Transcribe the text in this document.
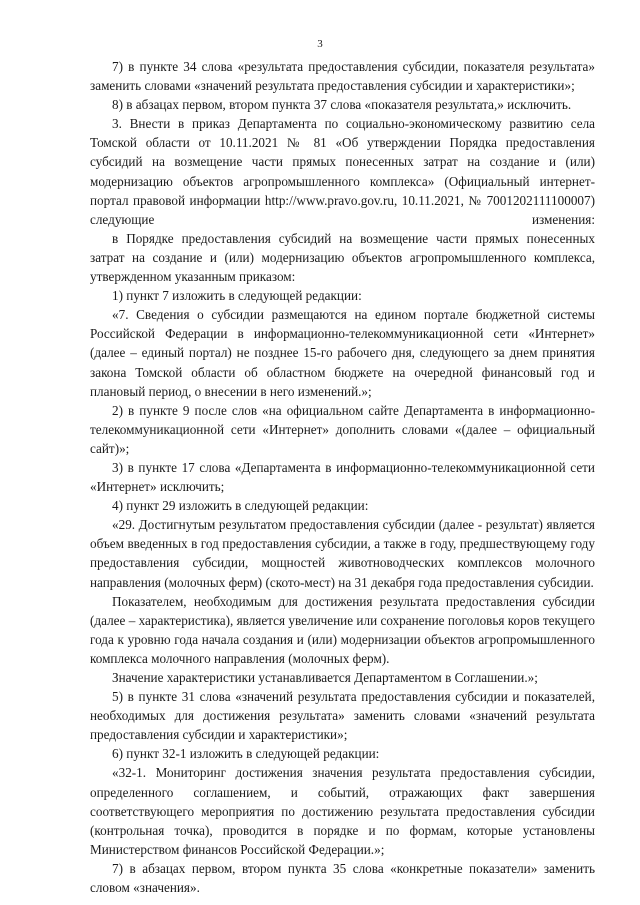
3

7) в пункте 34 слова «результата предоставления субсидии, показателя результата» заменить словами «значений результата предоставления субсидии и характеристики»;

8) в абзацах первом, втором пункта 37 слова «показателя результата,» исключить.

3. Внести в приказ Департамента по социально-экономическому развитию села Томской области от 10.11.2021 № 81 «Об утверждении Порядка предоставления субсидий на возмещение части прямых понесенных затрат на создание и (или) модернизацию объектов агропромышленного комплекса» (Официальный интернет-портал правовой информации http://www.pravo.gov.ru, 10.11.2021, № 7001202111100007) следующие изменения:

в Порядке предоставления субсидий на возмещение части прямых понесенных затрат на создание и (или) модернизацию объектов агропромышленного комплекса, утвержденном указанным приказом:

1) пункт 7 изложить в следующей редакции:

«7. Сведения о субсидии размещаются на едином портале бюджетной системы Российской Федерации в информационно-телекоммуникационной сети «Интернет» (далее – единый портал) не позднее 15-го рабочего дня, следующего за днем принятия закона Томской области об областном бюджете на очередной финансовый год и плановый период, о внесении в него изменений.»;

2) в пункте 9 после слов «на официальном сайте Департамента в информационно-телекоммуникационной сети «Интернет» дополнить словами «(далее – официальный сайт)»;

3) в пункте 17 слова «Департамента в информационно-телекоммуникационной сети «Интернет» исключить;

4) пункт 29 изложить в следующей редакции:

«29. Достигнутым результатом предоставления субсидии (далее - результат) является объем введенных в год предоставления субсидии, а также в году, предшествующему году предоставления субсидии, мощностей животноводческих комплексов молочного направления (молочных ферм) (ското-мест) на 31 декабря года предоставления субсидии.

Показателем, необходимым для достижения результата предоставления субсидии (далее – характеристика), является увеличение или сохранение поголовья коров текущего года к уровню года начала создания и (или) модернизации объектов агропромышленного комплекса молочного направления (молочных ферм).

Значение характеристики устанавливается Департаментом в Соглашении.»;

5) в пункте 31 слова «значений результата предоставления субсидии и показателей, необходимых для достижения результата» заменить словами «значений результата предоставления субсидии и характеристики»;

6) пункт 32-1 изложить в следующей редакции:

«32-1. Мониторинг достижения значения результата предоставления субсидии, определенного соглашением, и событий, отражающих факт завершения соответствующего мероприятия по достижению результата предоставления субсидии (контрольная точка), проводится в порядке и по формам, которые установлены Министерством финансов Российской Федерации.»;

7) в абзацах первом, втором пункта 35 слова «конкретные показатели» заменить словом «значения».
